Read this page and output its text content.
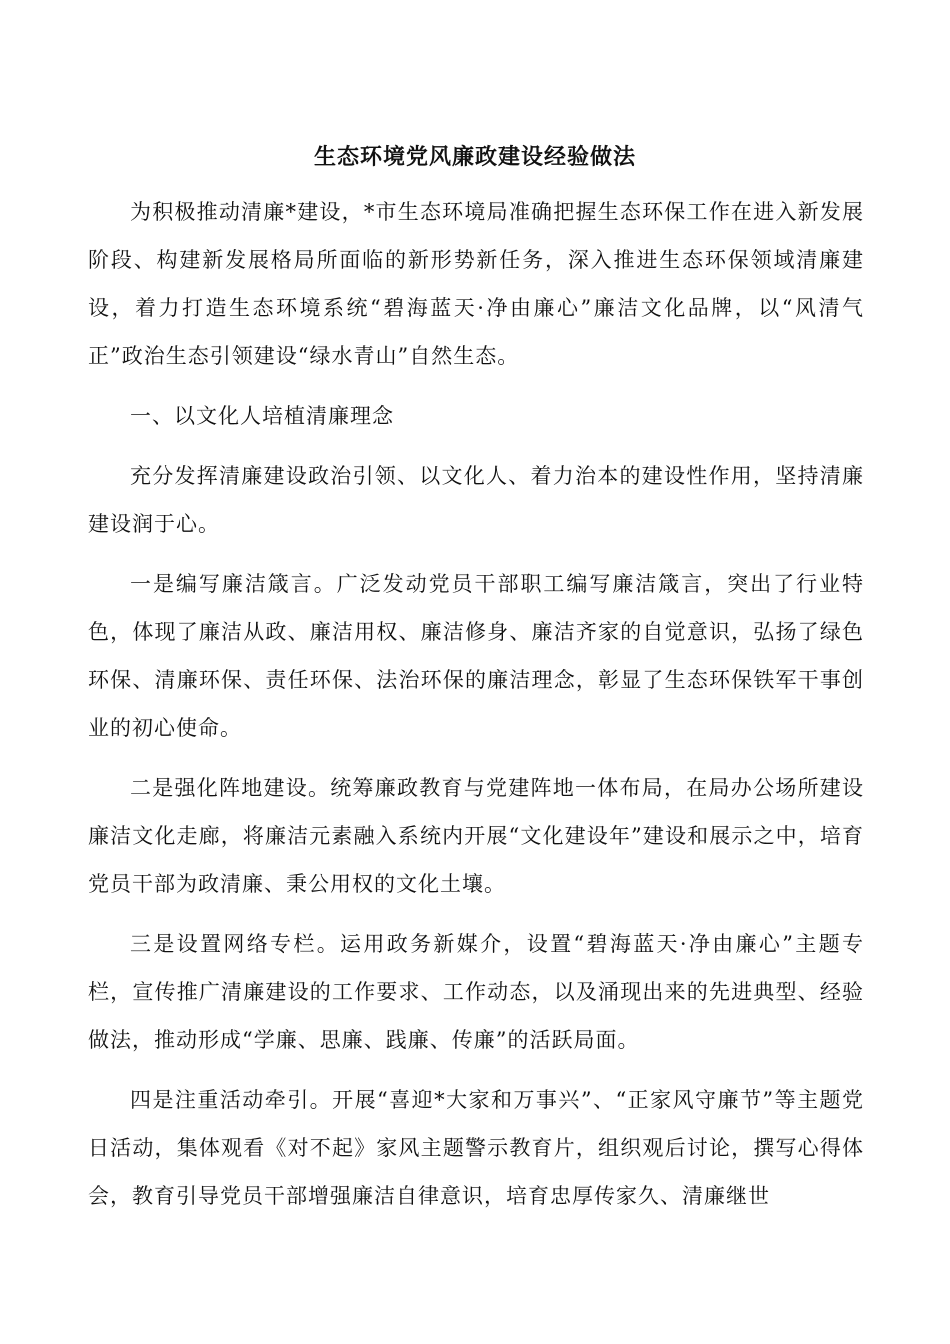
生态环境党风廉政建设经验做法

为积极推动清廉*建设，*市生态环境局准确把握生态环保工作在进入新发展阶段、构建新发展格局所面临的新形势新任务，深入推进生态环保领域清廉建设，着力打造生态环境系统“碧海蓝天·净由廉心”廉洁文化品牌，以“风清气正”政治生态引领建设“绿水青山”自然生态。

一、以文化人培植清廉理念

充分发挥清廉建设政治引领、以文化人、着力治本的建设性作用，坚持清廉建设润于心。

一是编写廉洁箴言。广泛发动党员干部职工编写廉洁箴言，突出了行业特色，体现了廉洁从政、廉洁用权、廉洁修身、廉洁齐家的自觉意识，弘扬了绿色环保、清廉环保、责任环保、法治环保的廉洁理念，彰显了生态环保铁军干事创业的初心使命。

二是强化阵地建设。统筹廉政教育与党建阵地一体布局，在局办公场所建设廉洁文化走廊，将廉洁元素融入系统内开展“文化建设年”建设和展示之中，培育党员干部为政清廉、秉公用权的文化土壤。

三是设置网络专栏。运用政务新媒介，设置“碧海蓝天·净由廉心”主题专栏，宣传推广清廉建设的工作要求、工作动态，以及涌现出来的先进典型、经验做法，推动形成“学廉、思廉、践廉、传廉”的活跃局面。

四是注重活动牵引。开展“喜迎*大家和万事兴”、“正家风守廉节”等主题党日活动，集体观看《对不起》家风主题警示教育片，组织观后讨论，撰写心得体会，教育引导党员干部增强廉洁自律意识，培育忠厚传家久、清廉继世
